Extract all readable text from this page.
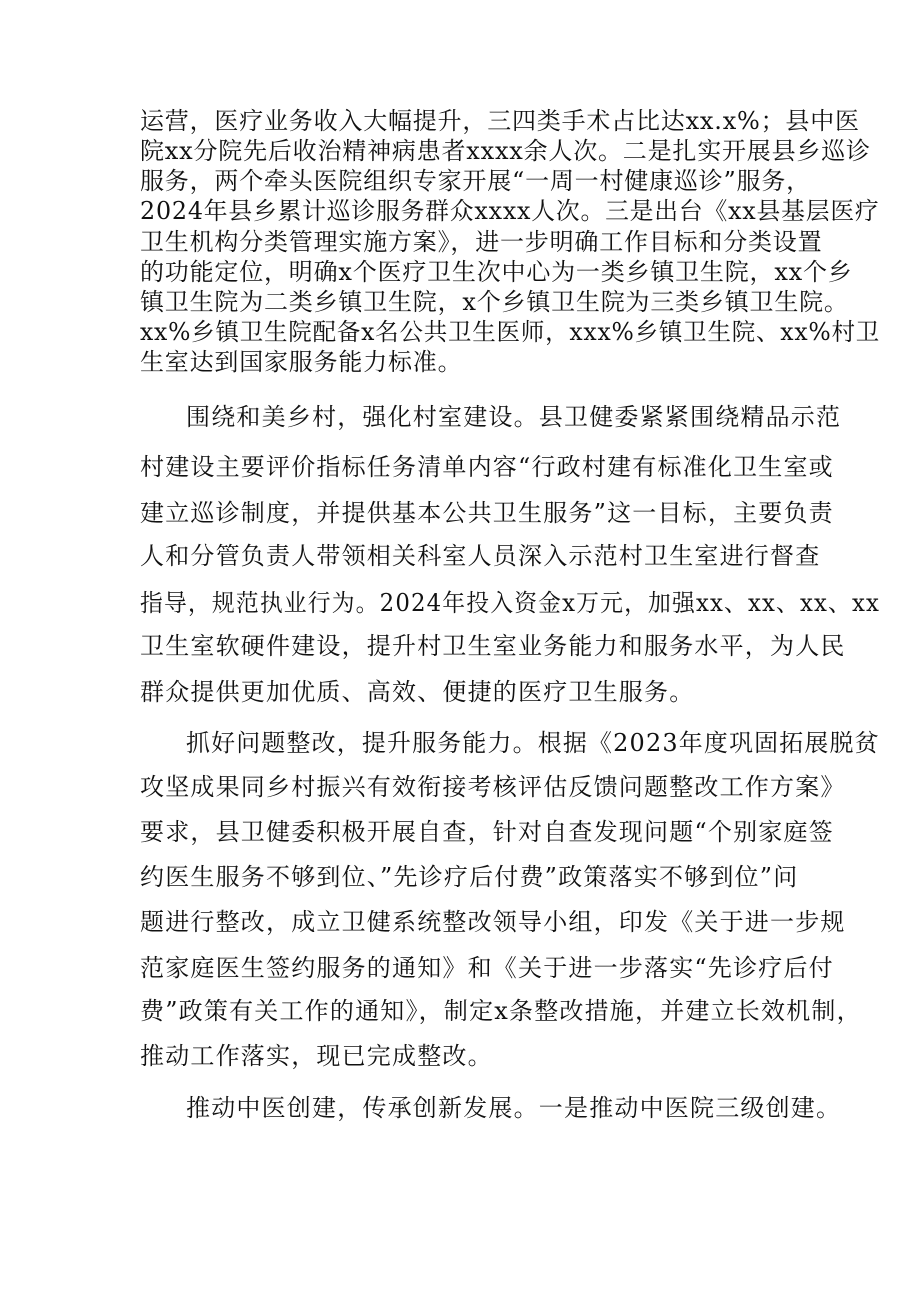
运营，医疗业务收入大幅提升，三四类手术占比达xx.x%；县中医
院xx分院先后收治精神病患者xxxx余人次。二是扎实开展县乡巡诊
服务，两个牵头医院组织专家开展“一周一村健康巡诊”服务，
2024年县乡累计巡诊服务群众xxxx人次。三是出台《xx县基层医疗
卫生机构分类管理实施方案》，进一步明确工作目标和分类设置
的功能定位，明确x个医疗卫生次中心为一类乡镇卫生院，xx个乡
镇卫生院为二类乡镇卫生院，x个乡镇卫生院为三类乡镇卫生院。
xx%乡镇卫生院配备x名公共卫生医师，xxx%乡镇卫生院、xx%村卫
生室达到国家服务能力标准。
围绕和美乡村，强化村室建设。县卫健委紧紧围绕精品示范
村建设主要评价指标任务清单内容“行政村建有标准化卫生室或
建立巡诊制度，并提供基本公共卫生服务”这一目标，主要负责
人和分管负责人带领相关科室人员深入示范村卫生室进行督查
指导，规范执业行为。2024年投入资金x万元，加强xx、xx、xx、xx
卫生室软硬件建设，提升村卫生室业务能力和服务水平，为人民
群众提供更加优质、高效、便捷的医疗卫生服务。
抓好问题整改，提升服务能力。根据《2023年度巩固拓展脱贫
攻坚成果同乡村振兴有效衔接考核评估反馈问题整改工作方案》
要求，县卫健委积极开展自查，针对自查发现问题“个别家庭签
约医生服务不够到位、”先诊疗后付费”政策落实不够到位”问
题进行整改，成立卫健系统整改领导小组，印发《关于进一步规
范家庭医生签约服务的通知》和《关于进一步落实“先诊疗后付
费”政策有关工作的通知》，制定x条整改措施，并建立长效机制，
推动工作落实，现已完成整改。
推动中医创建，传承创新发展。一是推动中医院三级创建。
